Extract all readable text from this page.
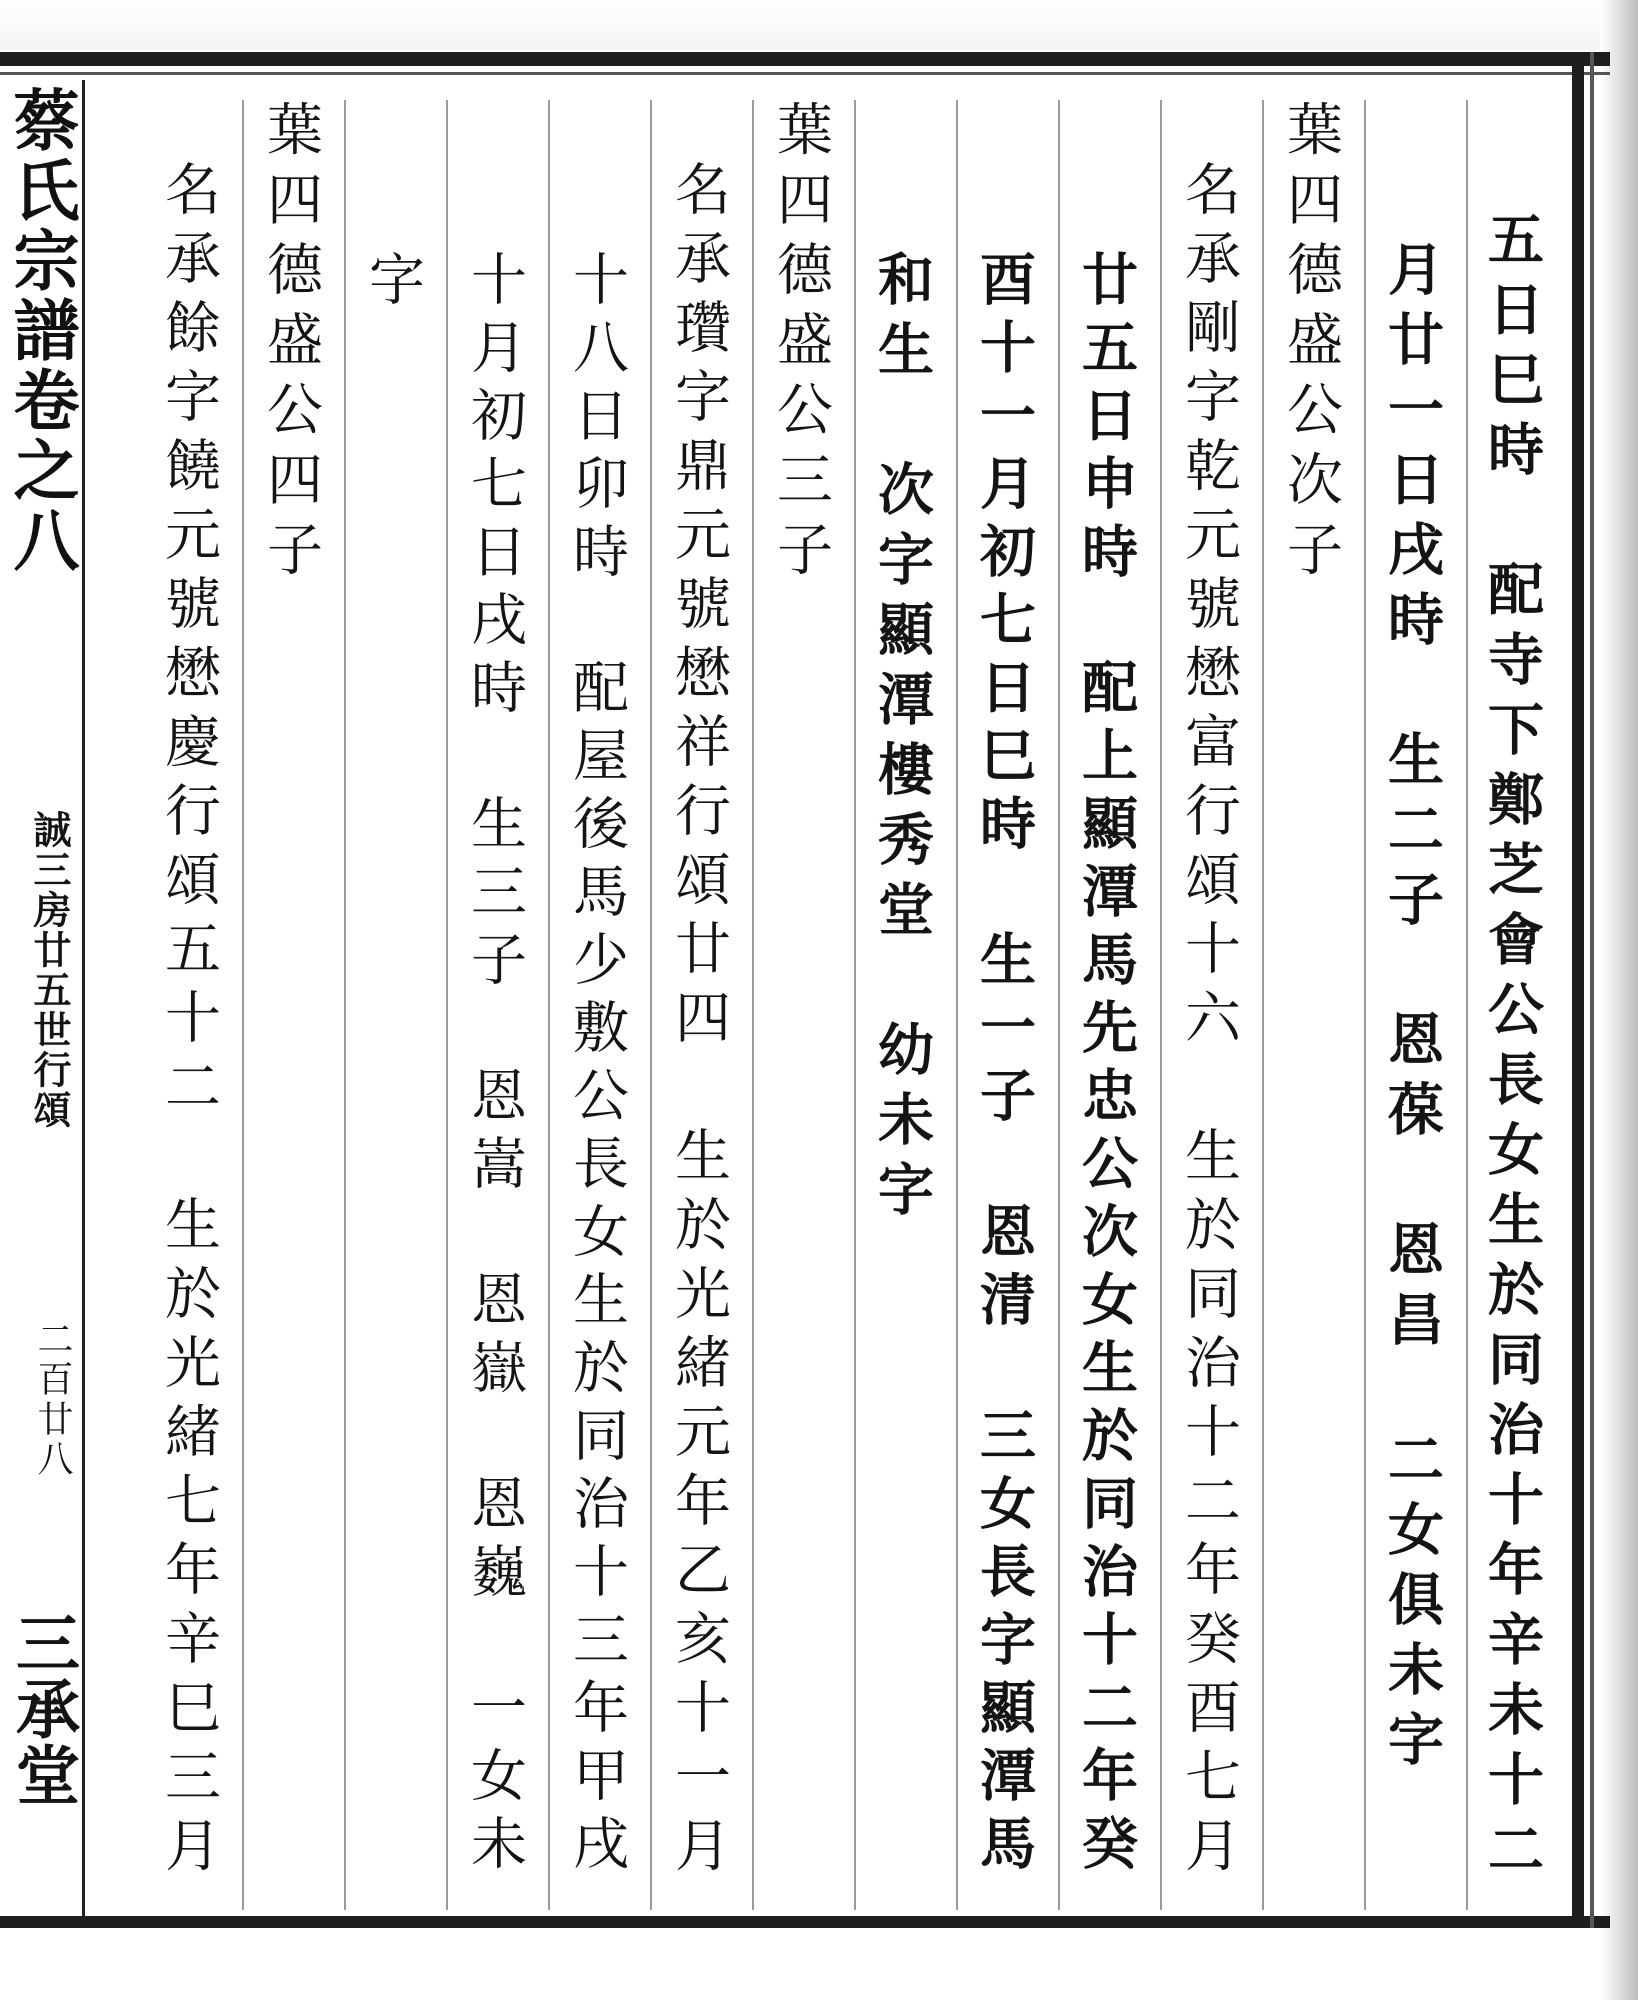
蔡氏宗譜卷之八
誠三房廿五世行頌
二百廿八
三承堂	五日巳時　配寺下鄭芝會公長女生於同治十年辛未十二
月廿一日戌時　生二子　恩葆　恩昌　二女俱未字
葉四德盛公次子
名承剛字乾元號懋富行頌十六　生於同治十二年癸酉七月
廿五日申時　配上顯潭馬先忠公次女生於同治十二年癸
酉十一月初七日巳時　生一子　恩清　三女長字顯潭馬
和生　次字顯潭樓秀堂　幼未字
葉四德盛公三子
名承瓚字鼎元號懋祥行頌廿四　生於光緒元年乙亥十一月
十八日卯時　配屋後馬少敷公長女生於同治十三年甲戌
十月初七日戌時　生三子　恩嵩　恩嶽　恩巍　一女未
字
葉四德盛公四子
名承餘字饒元號懋慶行頌五十二　生於光緒七年辛巳三月
